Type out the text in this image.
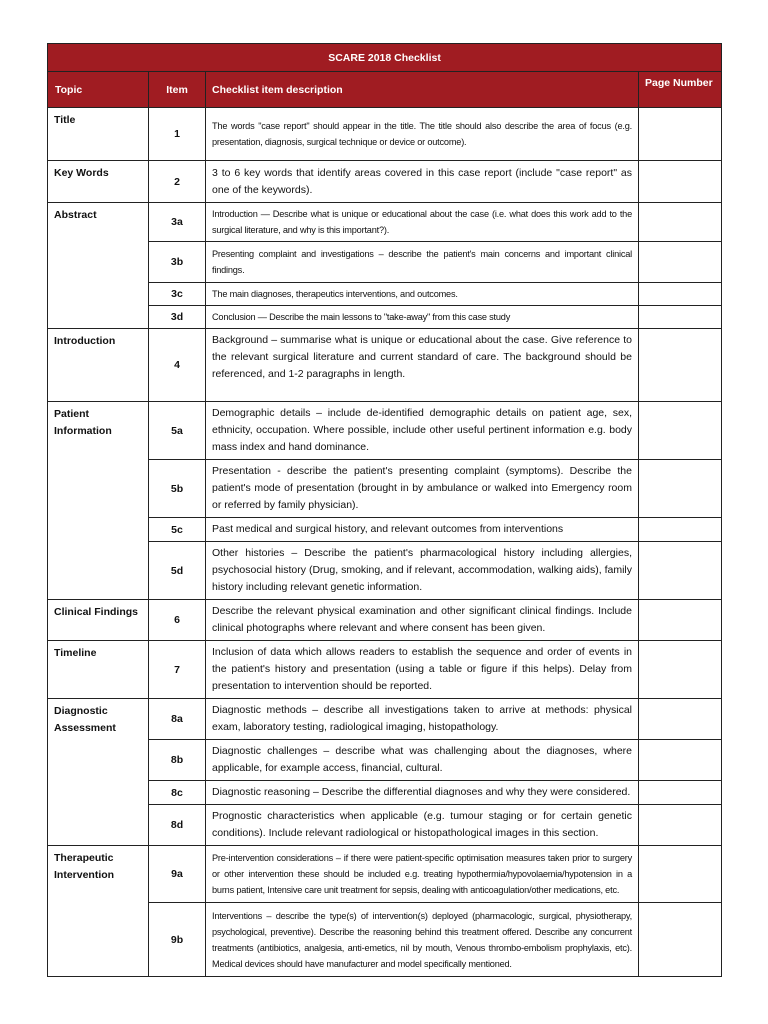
SCARE 2018 Checklist			
Topic	Item	Checklist item description	Page Number
Title	1	The words "case report" should appear in the title. The title should also describe the area of focus (e.g. presentation, diagnosis, surgical technique or device or outcome).	
Key Words	2	3 to 6 key words that identify areas covered in this case report (include "case report" as one of the keywords).	
Abstract	3a	Introduction — Describe what is unique or educational about the case (i.e. what does this work add to the surgical literature, and why is this important?).	
	3b	Presenting complaint and investigations – describe the patient's main concerns and important clinical findings.	
	3c	The main diagnoses, therapeutics interventions, and outcomes.	
	3d	Conclusion — Describe the main lessons to "take-away" from this case study	
Introduction	4	Background – summarise what is unique or educational about the case. Give reference to the relevant surgical literature and current standard of care. The background should be referenced, and 1-2 paragraphs in length.	
Patient Information	5a	Demographic details – include de-identified demographic details on patient age, sex, ethnicity, occupation. Where possible, include other useful pertinent information e.g. body mass index and hand dominance.	
	5b	Presentation - describe the patient's presenting complaint (symptoms). Describe the patient's mode of presentation (brought in by ambulance or walked into Emergency room or referred by family physician).	
	5c	Past medical and surgical history, and relevant outcomes from interventions	
	5d	Other histories – Describe the patient's pharmacological history including allergies, psychosocial history (Drug, smoking, and if relevant, accommodation, walking aids), family history including relevant genetic information.	
Clinical Findings	6	Describe the relevant physical examination and other significant clinical findings. Include clinical photographs where relevant and where consent has been given.	
Timeline	7	Inclusion of data which allows readers to establish the sequence and order of events in the patient's history and presentation (using a table or figure if this helps). Delay from presentation to intervention should be reported.	
Diagnostic Assessment	8a	Diagnostic methods – describe all investigations taken to arrive at methods: physical exam, laboratory testing, radiological imaging, histopathology.	
	8b	Diagnostic challenges – describe what was challenging about the diagnoses, where applicable, for example access, financial, cultural.	
	8c	Diagnostic reasoning – Describe the differential diagnoses and why they were considered.	
	8d	Prognostic characteristics when applicable (e.g. tumour staging or for certain genetic conditions). Include relevant radiological or histopathological images in this section.	
Therapeutic Intervention	9a	Pre-intervention considerations – if there were patient-specific optimisation measures taken prior to surgery or other intervention these should be included e.g. treating hypothermia/hypovolaemia/hypotension in a burns patient, Intensive care unit treatment for sepsis, dealing with anticoagulation/other medications, etc.	
	9b	Interventions – describe the type(s) of intervention(s) deployed (pharmacologic, surgical, physiotherapy, psychological, preventive). Describe the reasoning behind this treatment offered. Describe any concurrent treatments (antibiotics, analgesia, anti-emetics, nil by mouth, Venous thrombo-embolism prophylaxis, etc). Medical devices should have manufacturer and model specifically mentioned.	
